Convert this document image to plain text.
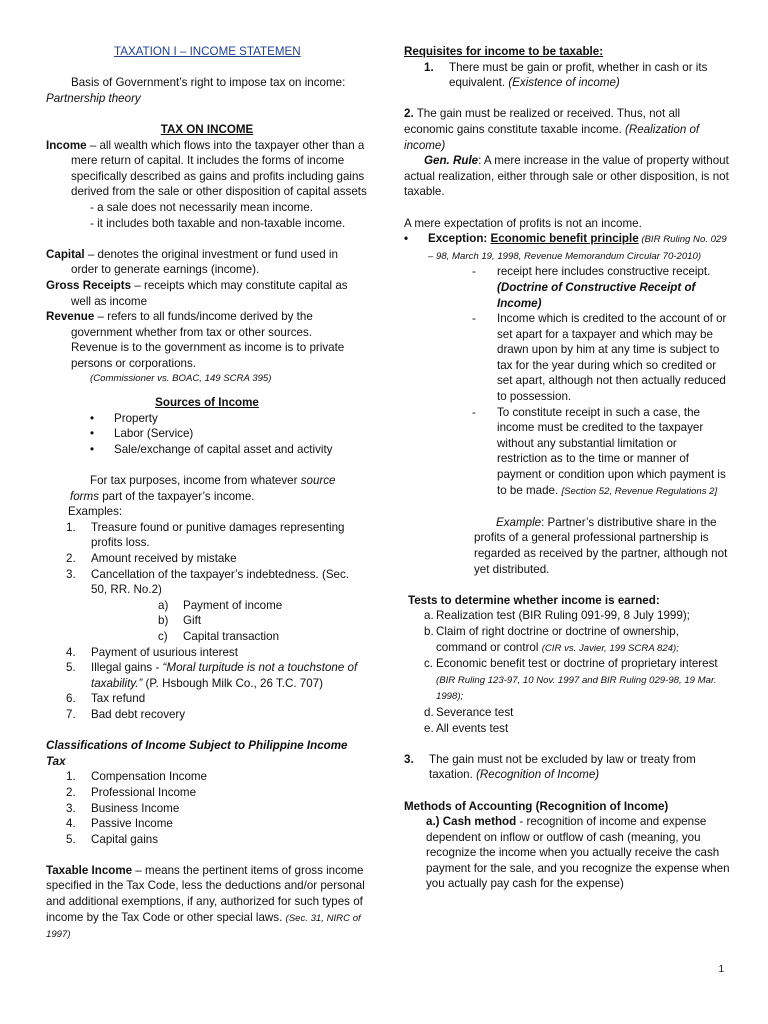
TAXATION I – INCOME STATEMEN

Basis of Government’s right to impose tax on income:

Partnership theory

TAX ON INCOME

Income – all wealth which flows into the taxpayer other than a mere return of capital. It includes the forms of income specifically described as gains and profits including gains derived from the sale or other disposition of capital assets

- a sale does not necessarily mean income.

- it includes both taxable and non-taxable income.

Capital – denotes the original investment or fund used in order to generate earnings (income).

Gross Receipts – receipts which may constitute capital as well as income

Revenue – refers to all funds/income derived by the government whether from tax or other sources.

Revenue is to the government as income is to private persons or corporations.

(Commissioner vs. BOAC, 149 SCRA 395)

Sources of Income

•	Property
•	Labor (Service)
•	Sale/exchange of capital asset and activity

For tax purposes, income from whatever source

forms part of the taxpayer’s income.

Examples:

1.	Treasure found or punitive damages representing profits loss.
2.	Amount received by mistake
3.	Cancellation of the taxpayer’s indebtedness. (Sec. 50, RR. No.2)
a)	Payment of income
b)	Gift
c)	Capital transaction
4.	Payment of usurious interest
5.	Illegal gains - “Moral turpitude is not a touchstone of taxability.” (P. Hsbough Milk Co., 26 T.C. 707)
6.	Tax refund
7.	Bad debt recovery

Classifications of Income Subject to Philippine Income Tax

1.	Compensation Income
2.	Professional Income
3.	Business Income
4.	Passive Income
5.	Capital gains

Taxable Income – means the pertinent items of gross income specified in the Tax Code, less the deductions and/or personal and additional exemptions, if any, authorized for such types of income by the Tax Code or other special laws. (Sec. 31, NIRC of 1997)

Requisites for income to be taxable:

1.	There must be gain or profit, whether in cash or its equivalent. (Existence of income)

2. The gain must be realized or received. Thus, not all economic gains constitute taxable income. (Realization of income)

Gen. Rule: A mere increase in the value of property without actual realization, either through sale or other disposition, is not taxable.

A mere expectation of profits is not an income.

•	Exception: Economic benefit principle (BIR Ruling No. 029 – 98, March 19, 1998, Revenue Memorandum Circular 70-2010)
-	receipt here includes constructive receipt. (Doctrine of Constructive Receipt of Income)
-	Income which is credited to the account of or set apart for a taxpayer and which may be drawn upon by him at any time is subject to tax for the year during which so credited or set apart, although not then actually reduced to possession.
-	To constitute receipt in such a case, the income must be credited to the taxpayer without any substantial limitation or restriction as to the time or manner of payment or condition upon which payment is to be made. [Section 52, Revenue Regulations 2]

Example: Partner’s distributive share in the profits of a general professional partnership is regarded as received by the partner, although not yet distributed.

Tests to determine whether income is earned:

a. Realization test (BIR Ruling 091-99, 8 July 1999);
b. Claim of right doctrine or doctrine of ownership, command or control (CIR vs. Javier, 199 SCRA 824);
c. Economic benefit test or doctrine of proprietary interest (BIR Ruling 123-97, 10 Nov. 1997 and BIR Ruling 029-98, 19 Mar. 1998);
d. Severance test
e. All events test
3.	The gain must not be excluded by law or treaty from taxation. (Recognition of Income)

Methods of Accounting (Recognition of Income)

a.) Cash method - recognition of income and expense dependent on inflow or outflow of cash (meaning, you recognize the income when you actually receive the cash payment for the sale, and you recognize the expense when you actually pay cash for the expense)

1
